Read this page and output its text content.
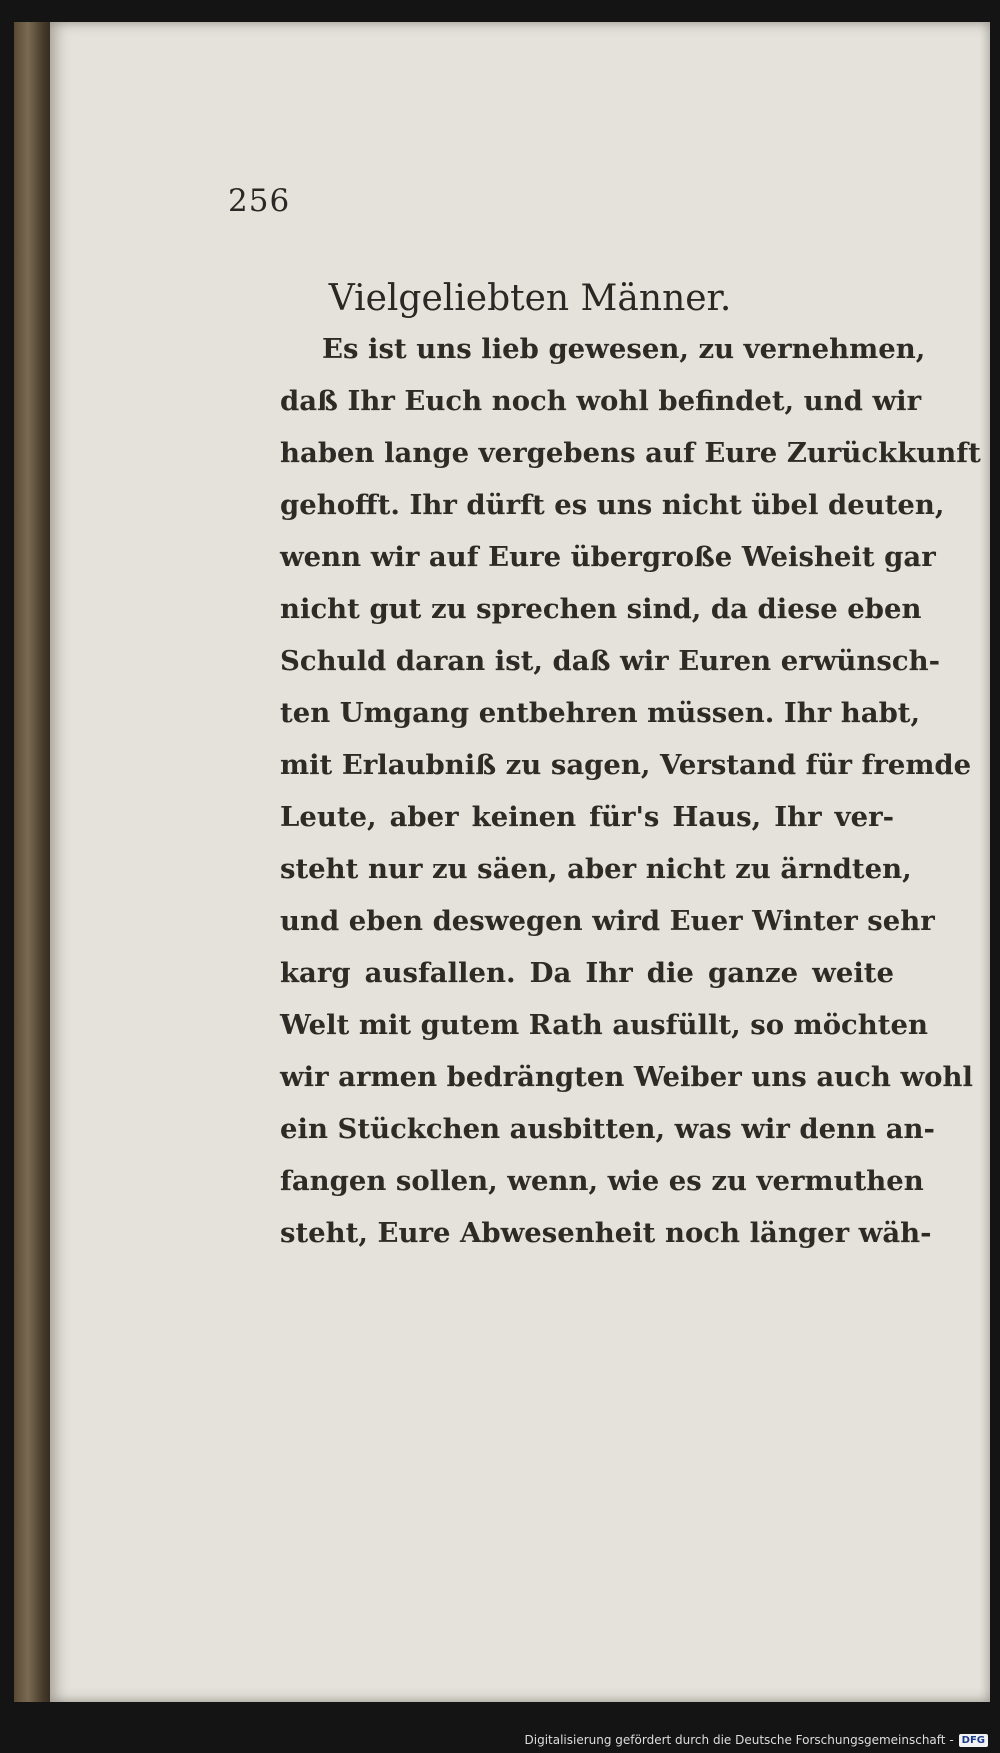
256
Vielgeliebten Männer.
Es ist uns lieb gewesen, zu vernehmen,
daß Ihr Euch noch wohl befindet, und wir
haben lange vergebens auf Eure Zurückkunft
gehofft. Ihr dürft es uns nicht übel deuten,
wenn wir auf Eure übergroße Weisheit gar
nicht gut zu sprechen sind, da diese eben
Schuld daran ist, daß wir Euren erwünsch-
ten Umgang entbehren müssen. Ihr habt,
mit Erlaubniß zu sagen, Verstand für fremde
Leute, aber keinen für's Haus, Ihr ver-
steht nur zu säen, aber nicht zu ärndten,
und eben deswegen wird Euer Winter sehr
karg ausfallen. Da Ihr die ganze weite
Welt mit gutem Rath ausfüllt, so möchten
wir armen bedrängten Weiber uns auch wohl
ein Stückchen ausbitten, was wir denn an-
fangen sollen, wenn, wie es zu vermuthen
steht, Eure Abwesenheit noch länger wäh-
Digitalisierung gefördert durch die Deutsche Forschungsgemeinschaft - DFG
